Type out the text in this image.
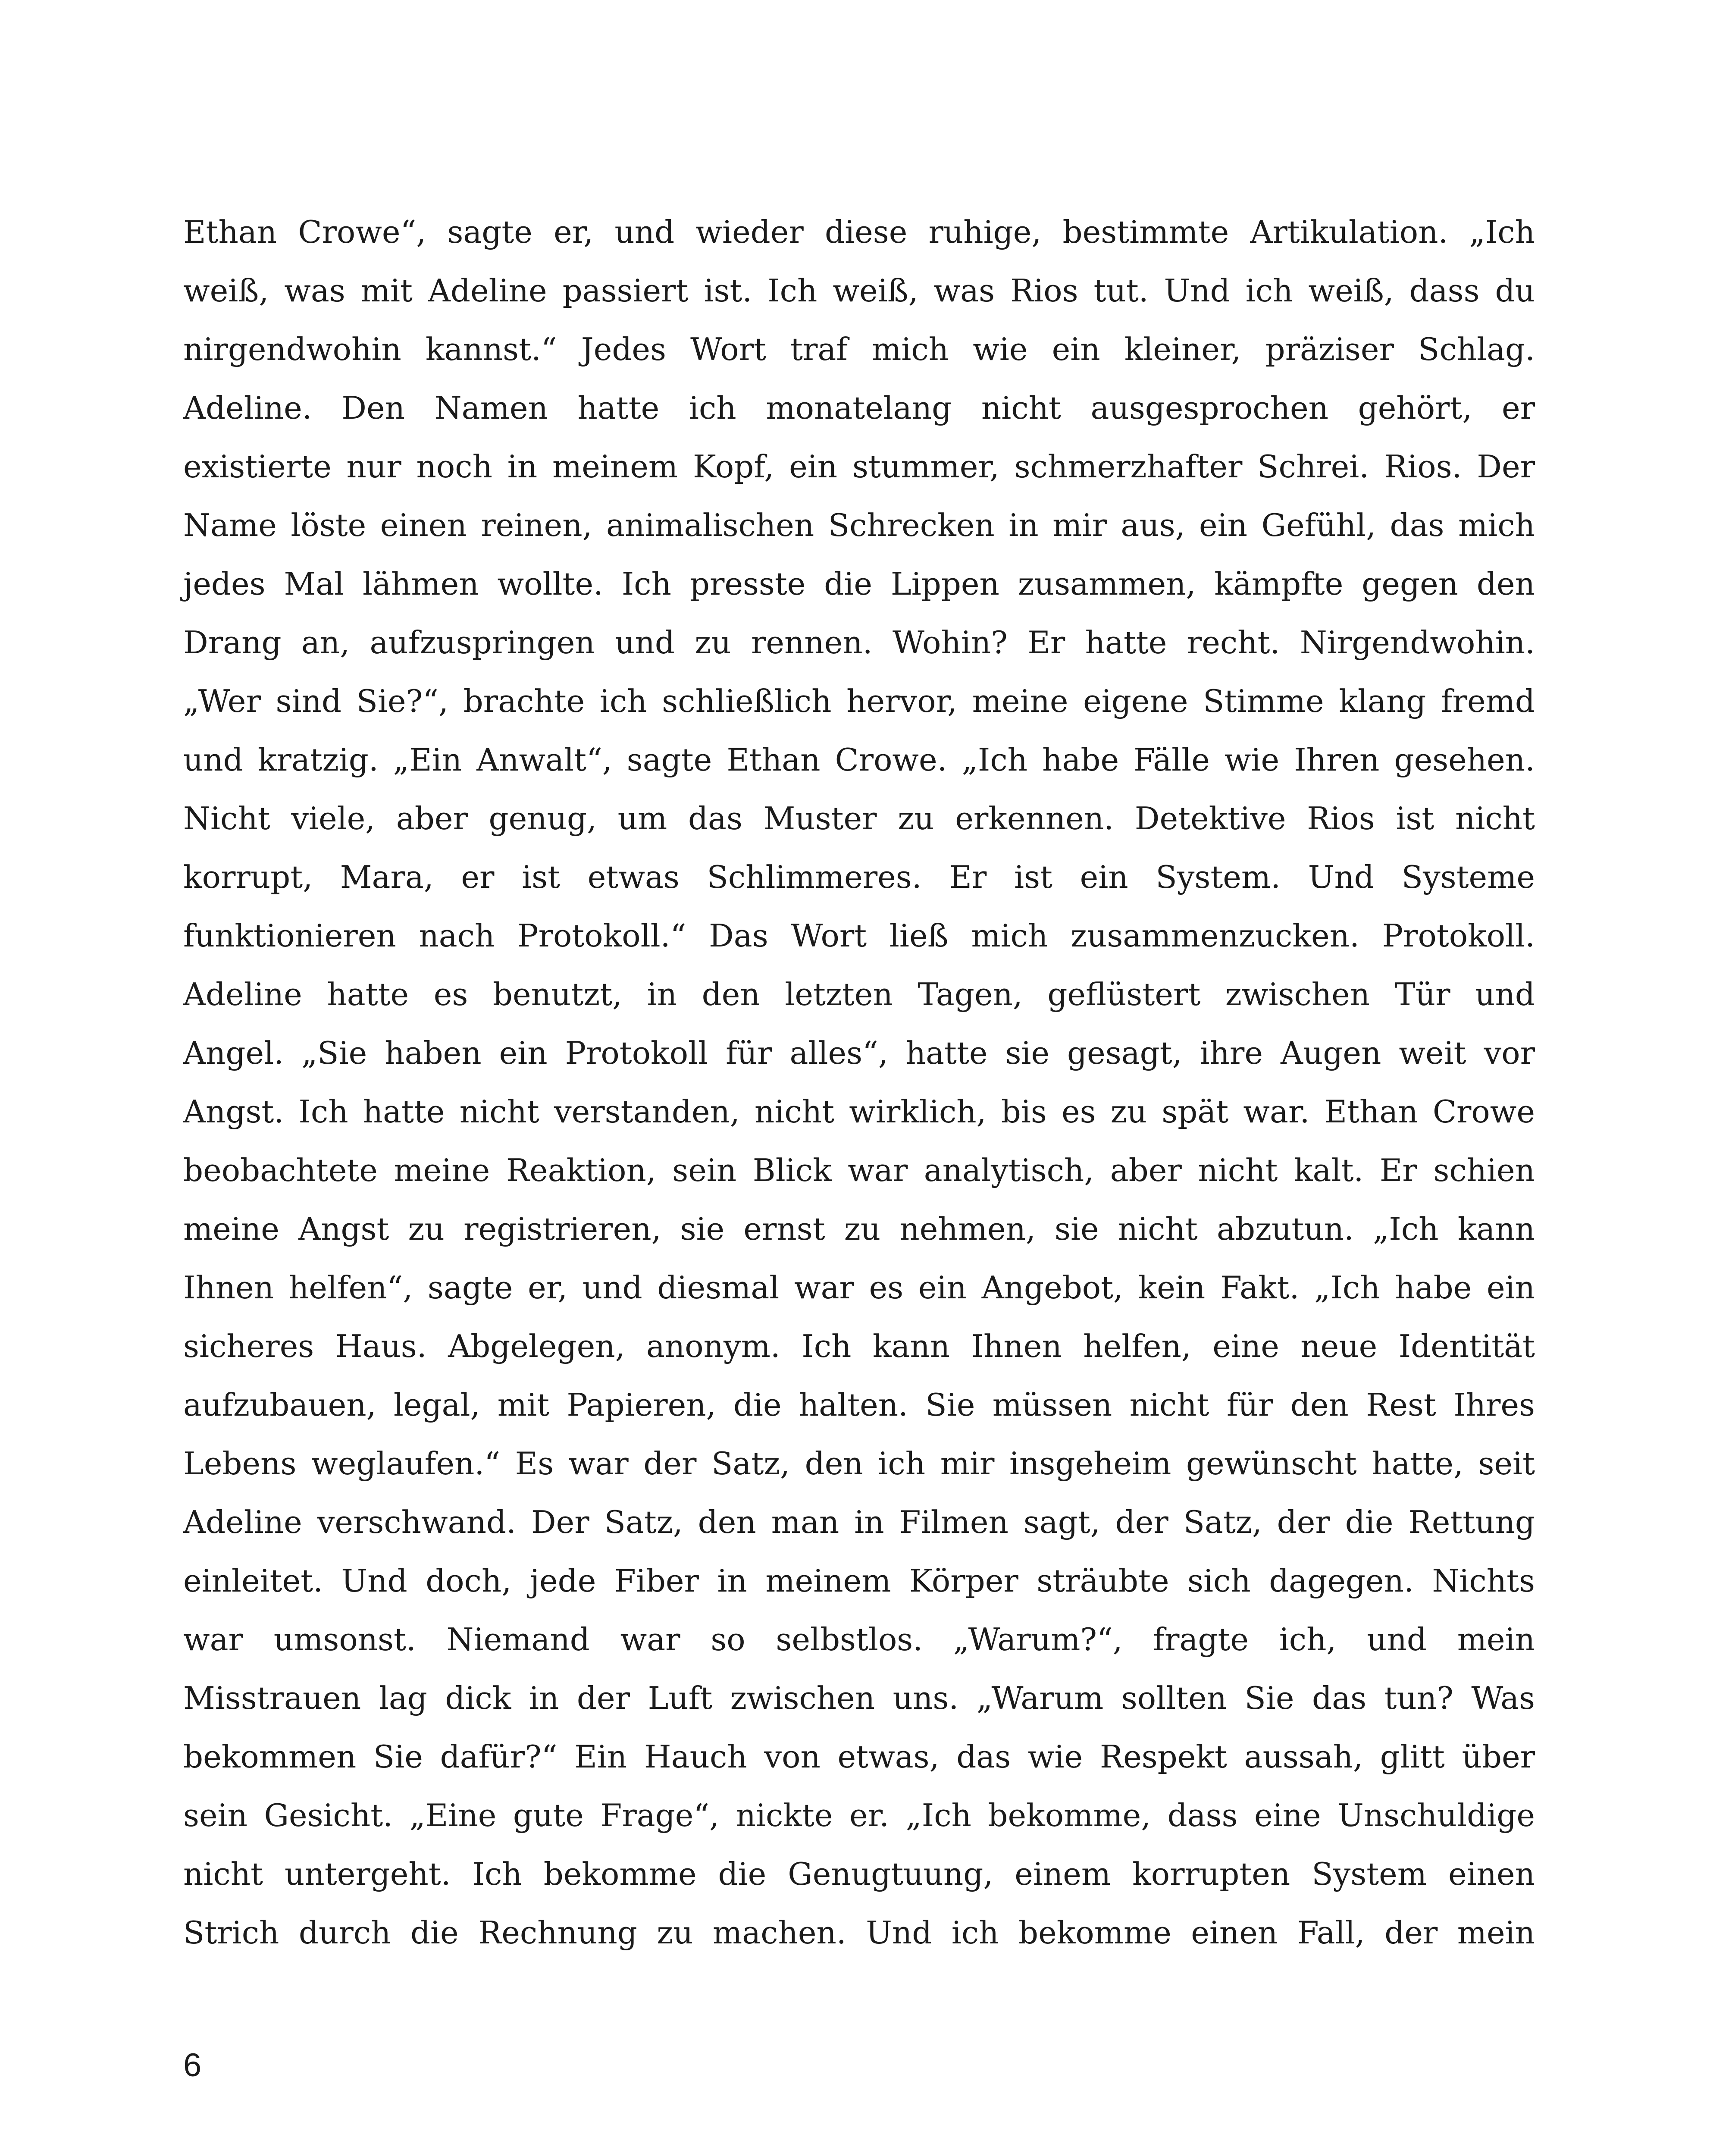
Ethan Crowe“, sagte er, und wieder diese ruhige, bestimmte Artikulation. „Ich
weiß, was mit Adeline passiert ist. Ich weiß, was Rios tut. Und ich weiß, dass du
nirgendwohin kannst.“ Jedes Wort traf mich wie ein kleiner, präziser Schlag.
Adeline. Den Namen hatte ich monatelang nicht ausgesprochen gehört, er
existierte nur noch in meinem Kopf, ein stummer, schmerzhafter Schrei. Rios. Der
Name löste einen reinen, animalischen Schrecken in mir aus, ein Gefühl, das mich
jedes Mal lähmen wollte. Ich presste die Lippen zusammen, kämpfte gegen den
Drang an, aufzuspringen und zu rennen. Wohin? Er hatte recht. Nirgendwohin.
„Wer sind Sie?“, brachte ich schließlich hervor, meine eigene Stimme klang fremd
und kratzig. „Ein Anwalt“, sagte Ethan Crowe. „Ich habe Fälle wie Ihren gesehen.
Nicht viele, aber genug, um das Muster zu erkennen. Detektive Rios ist nicht
korrupt, Mara, er ist etwas Schlimmeres. Er ist ein System. Und Systeme
funktionieren nach Protokoll.“ Das Wort ließ mich zusammenzucken. Protokoll.
Adeline hatte es benutzt, in den letzten Tagen, geflüstert zwischen Tür und
Angel. „Sie haben ein Protokoll für alles“, hatte sie gesagt, ihre Augen weit vor
Angst. Ich hatte nicht verstanden, nicht wirklich, bis es zu spät war. Ethan Crowe
beobachtete meine Reaktion, sein Blick war analytisch, aber nicht kalt. Er schien
meine Angst zu registrieren, sie ernst zu nehmen, sie nicht abzutun. „Ich kann
Ihnen helfen“, sagte er, und diesmal war es ein Angebot, kein Fakt. „Ich habe ein
sicheres Haus. Abgelegen, anonym. Ich kann Ihnen helfen, eine neue Identität
aufzubauen, legal, mit Papieren, die halten. Sie müssen nicht für den Rest Ihres
Lebens weglaufen.“ Es war der Satz, den ich mir insgeheim gewünscht hatte, seit
Adeline verschwand. Der Satz, den man in Filmen sagt, der Satz, der die Rettung
einleitet. Und doch, jede Fiber in meinem Körper sträubte sich dagegen. Nichts
war umsonst. Niemand war so selbstlos. „Warum?“, fragte ich, und mein
Misstrauen lag dick in der Luft zwischen uns. „Warum sollten Sie das tun? Was
bekommen Sie dafür?“ Ein Hauch von etwas, das wie Respekt aussah, glitt über
sein Gesicht. „Eine gute Frage“, nickte er. „Ich bekomme, dass eine Unschuldige
nicht untergeht. Ich bekomme die Genugtuung, einem korrupten System einen
Strich durch die Rechnung zu machen. Und ich bekomme einen Fall, der mein
6
